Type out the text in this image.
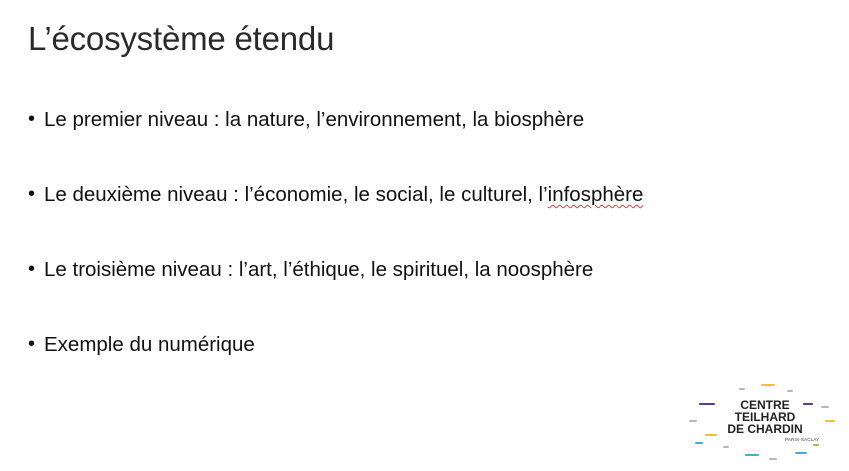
L’écosystème étendu
• Le premier niveau : la nature, l’environnement, la biosphère
• Le deuxième niveau : l’économie, le social, le culturel, l’infosphère
• Le troisième niveau : l’art, l’éthique, le spirituel, la noosphère
• Exemple du numérique
CENTRE
TEILHARD
DE CHARDIN
PARIS-SACLAY
